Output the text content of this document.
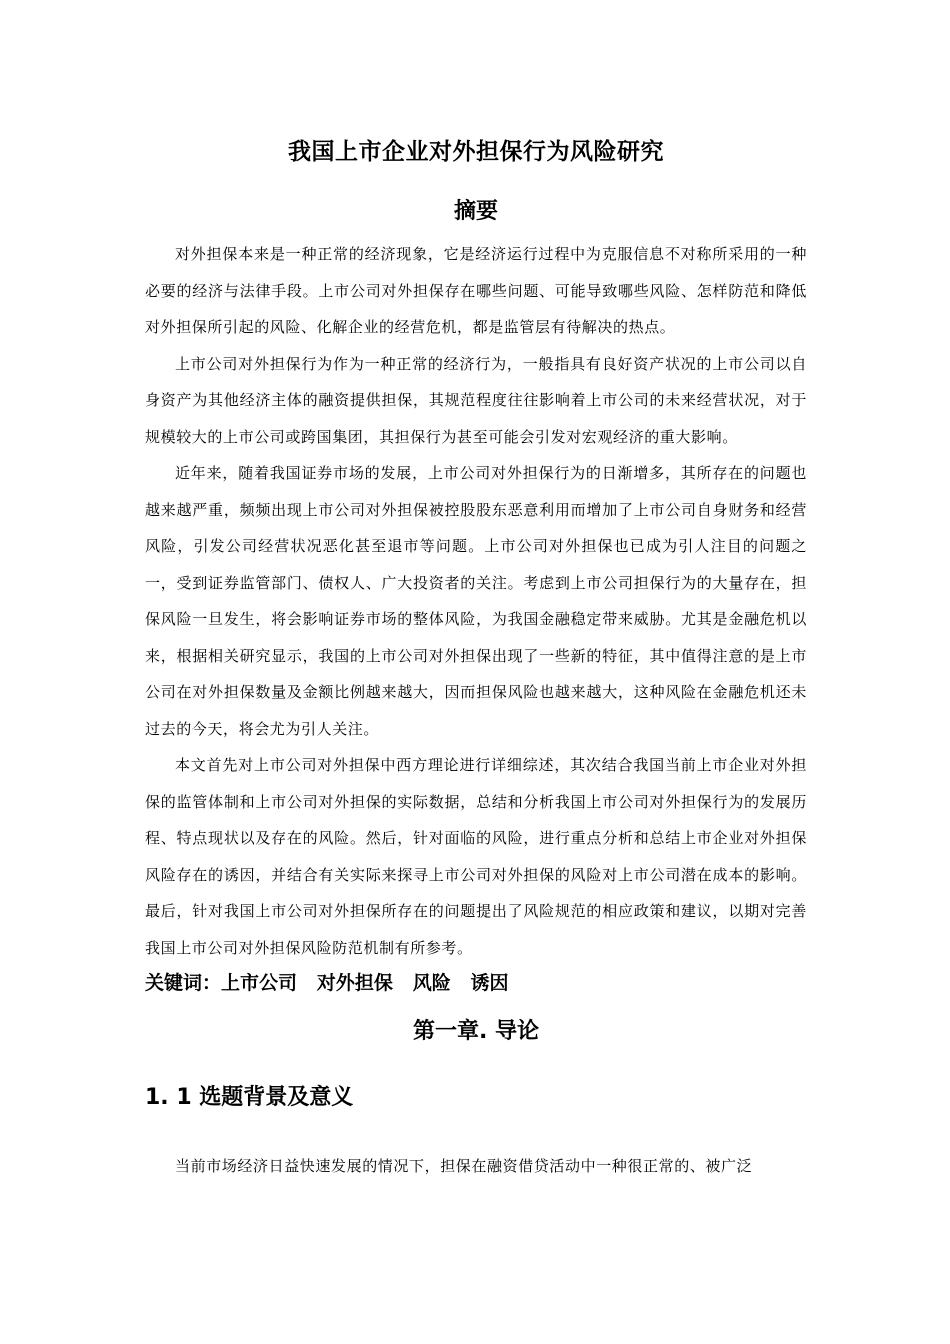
我国上市企业对外担保行为风险研究
摘要

对外担保本来是一种正常的经济现象，它是经济运行过程中为克服信息不对称所采用的一种必要的经济与法律手段。上市公司对外担保存在哪些问题、可能导致哪些风险、怎样防范和降低对外担保所引起的风险、化解企业的经营危机，都是监管层有待解决的热点。

上市公司对外担保行为作为一种正常的经济行为，一般指具有良好资产状况的上市公司以自身资产为其他经济主体的融资提供担保，其规范程度往往影响着上市公司的未来经营状况，对于规模较大的上市公司或跨国集团，其担保行为甚至可能会引发对宏观经济的重大影响。

近年来，随着我国证券市场的发展，上市公司对外担保行为的日渐增多，其所存在的问题也越来越严重，频频出现上市公司对外担保被控股股东恶意利用而增加了上市公司自身财务和经营风险，引发公司经营状况恶化甚至退市等问题。上市公司对外担保也已成为引人注目的问题之一，受到证券监管部门、债权人、广大投资者的关注。考虑到上市公司担保行为的大量存在，担保风险一旦发生，将会影响证券市场的整体风险，为我国金融稳定带来威胁。尤其是金融危机以来，根据相关研究显示，我国的上市公司对外担保出现了一些新的特征，其中值得注意的是上市公司在对外担保数量及金额比例越来越大，因而担保风险也越来越大，这种风险在金融危机还未过去的今天，将会尤为引人关注。

本文首先对上市公司对外担保中西方理论进行详细综述，其次结合我国当前上市企业对外担保的监管体制和上市公司对外担保的实际数据，总结和分析我国上市公司对外担保行为的发展历程、特点现状以及存在的风险。然后，针对面临的风险，进行重点分析和总结上市企业对外担保风险存在的诱因，并结合有关实际来探寻上市公司对外担保的风险对上市公司潜在成本的影响。最后，针对我国上市公司对外担保所存在的问题提出了风险规范的相应政策和建议，以期对完善我国上市公司对外担保风险防范机制有所参考。

关键词：上市公司   对外担保   风险   诱因
第一章. 导论
1. 1 选题背景及意义

当前市场经济日益快速发展的情况下，担保在融资借贷活动中一种很正常的、被广泛
